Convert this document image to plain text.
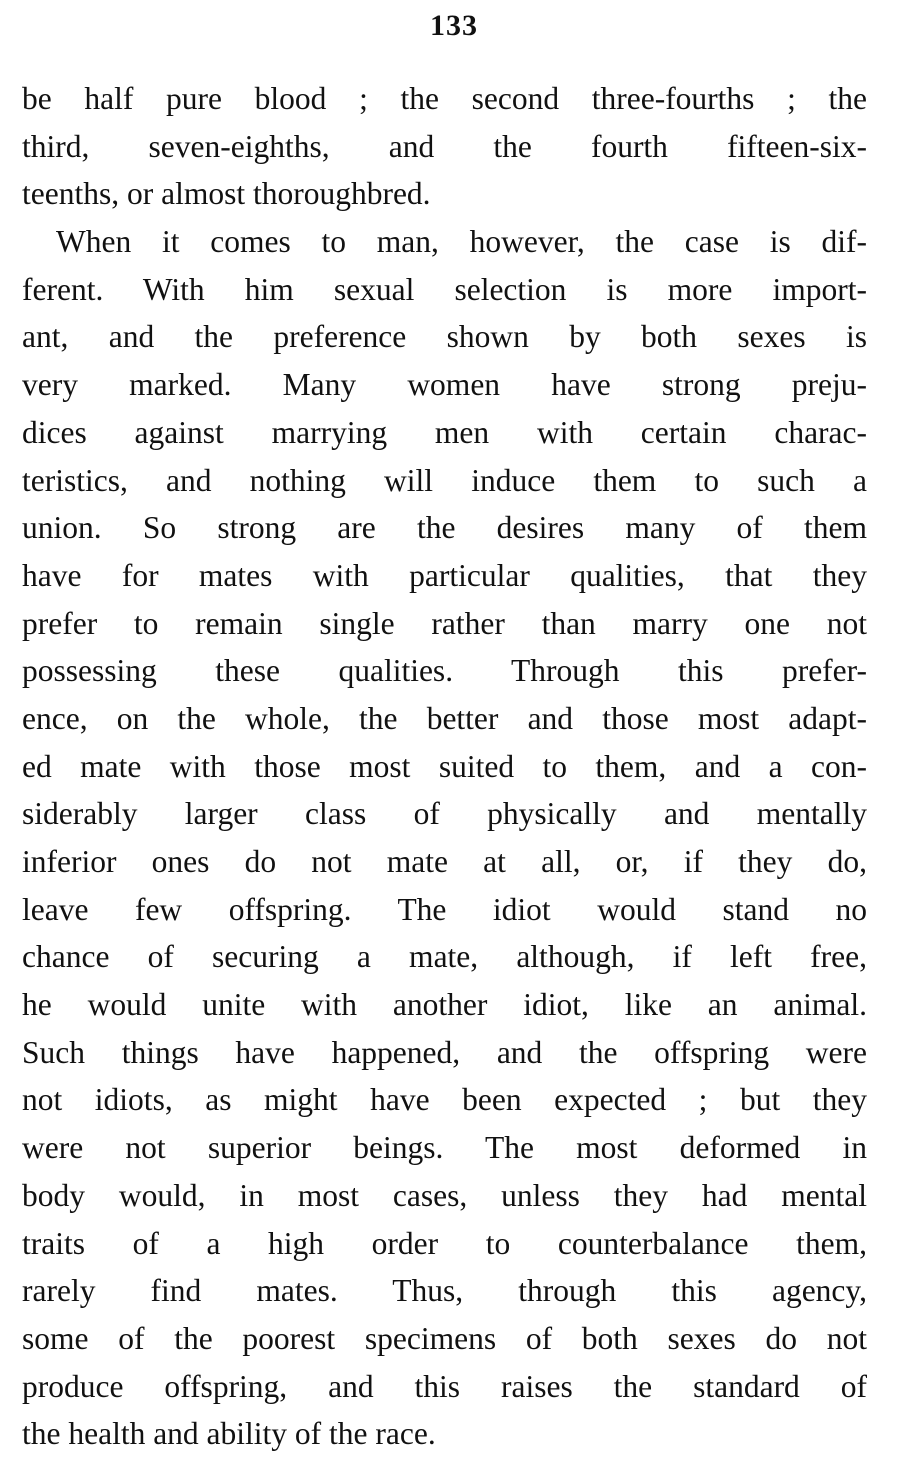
133
be half pure blood ; the second three-fourths ; the
third, seven-eighths, and the fourth fifteen-six-
teenths, or almost thoroughbred.
When it comes to man, however, the case is dif-
ferent. With him sexual selection is more import-
ant, and the preference shown by both sexes is
very marked. Many women have strong preju-
dices against marrying men with certain charac-
teristics, and nothing will induce them to such a
union. So strong are the desires many of them
have for mates with particular qualities, that they
prefer to remain single rather than marry one not
possessing these qualities. Through this prefer-
ence, on the whole, the better and those most adapt-
ed mate with those most suited to them, and a con-
siderably larger class of physically and mentally
inferior ones do not mate at all, or, if they do,
leave few offspring. The idiot would stand no
chance of securing a mate, although, if left free,
he would unite with another idiot, like an animal.
Such things have happened, and the offspring were
not idiots, as might have been expected ; but they
were not superior beings. The most deformed in
body would, in most cases, unless they had mental
traits of a high order to counterbalance them,
rarely find mates. Thus, through this agency,
some of the poorest specimens of both sexes do not
produce offspring, and this raises the standard of
the health and ability of the race.
